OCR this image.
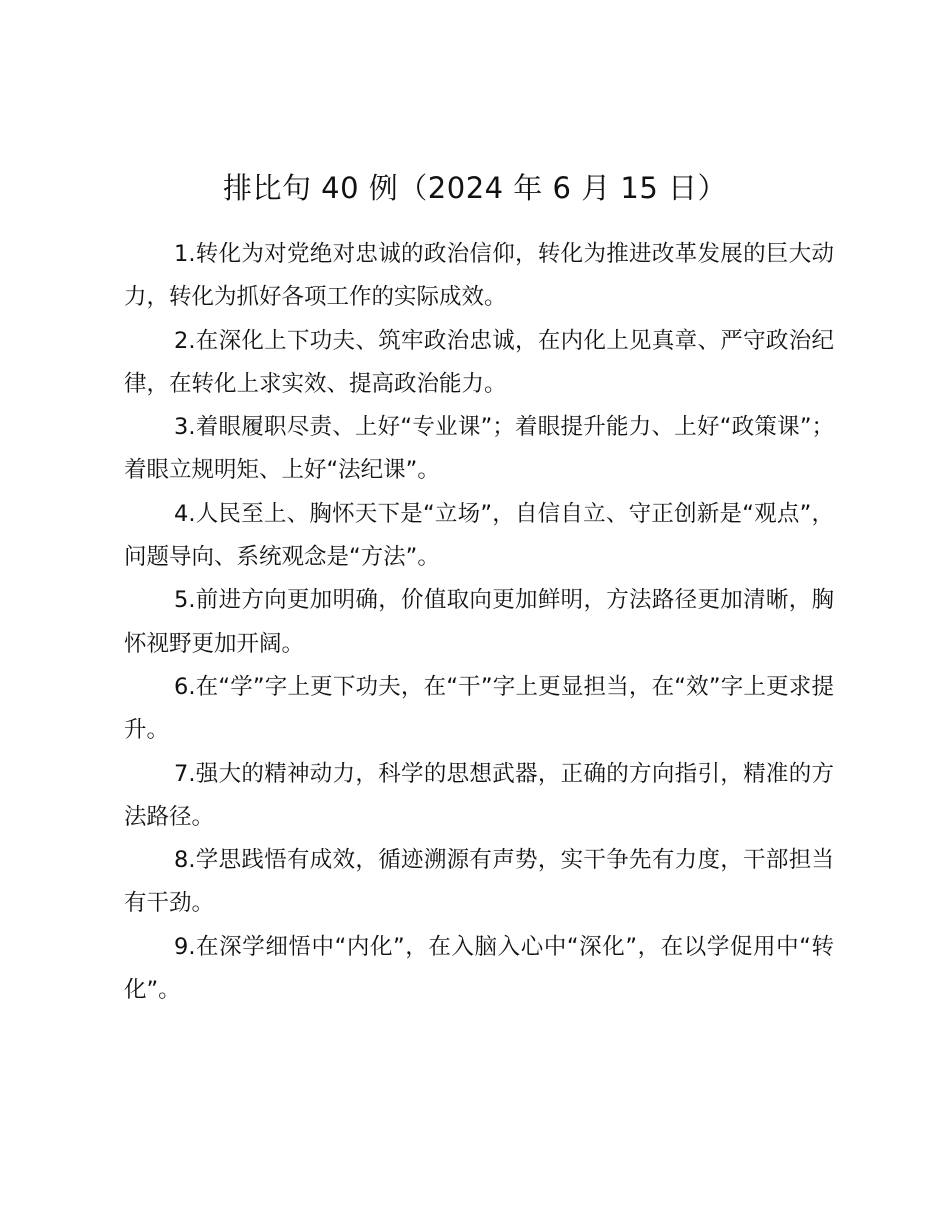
排比句 40 例（2024 年 6 月 15 日）

1.转化为对党绝对忠诚的政治信仰，转化为推进改革发展的巨大动力，转化为抓好各项工作的实际成效。

2.在深化上下功夫、筑牢政治忠诚，在内化上见真章、严守政治纪律，在转化上求实效、提高政治能力。

3.着眼履职尽责、上好“专业课”；着眼提升能力、上好“政策课”；着眼立规明矩、上好“法纪课”。

4.人民至上、胸怀天下是“立场”，自信自立、守正创新是“观点”，问题导向、系统观念是“方法”。

5.前进方向更加明确，价值取向更加鲜明，方法路径更加清晰，胸怀视野更加开阔。

6.在“学”字上更下功夫，在“干”字上更显担当，在“效”字上更求提升。

7.强大的精神动力，科学的思想武器，正确的方向指引，精准的方法路径。

8.学思践悟有成效，循迹溯源有声势，实干争先有力度，干部担当有干劲。

9.在深学细悟中“内化”，在入脑入心中“深化”，在以学促用中“转化”。
